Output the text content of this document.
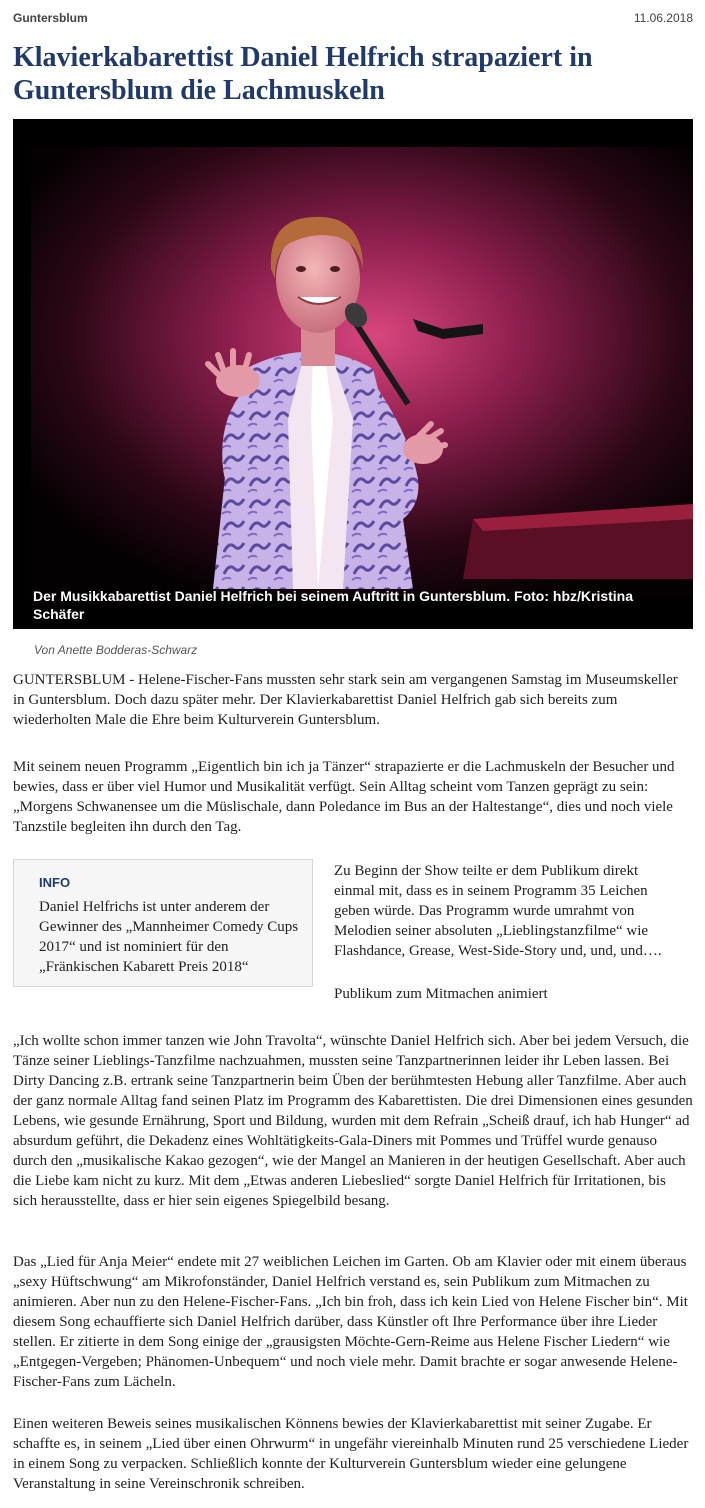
Guntersblum	11.06.2018
Klavierkabarettist Daniel Helfrich strapaziert in Guntersblum die Lachmuskeln

Der Musikkabarettist Daniel Helfrich bei seinem Auftritt in Guntersblum. Foto: hbz/Kristina Schäfer

Von Anette Bodderas-Schwarz

GUNTERSBLUM - Helene-Fischer-Fans mussten sehr stark sein am vergangenen Samstag im Museumskeller in Guntersblum. Doch dazu später mehr. Der Klavierkabarettist Daniel Helfrich gab sich bereits zum wiederholten Male die Ehre beim Kulturverein Guntersblum.

Mit seinem neuen Programm „Eigentlich bin ich ja Tänzer“ strapazierte er die Lachmuskeln der Besucher und bewies, dass er über viel Humor und Musikalität verfügt. Sein Alltag scheint vom Tanzen geprägt zu sein: „Morgens Schwanensee um die Müslischale, dann Poledance im Bus an der Haltestange“, dies und noch viele Tanzstile begleiten ihn durch den Tag.

INFO

Daniel Helfrichs ist unter anderem der Gewinner des „Mannheimer Comedy Cups 2017“ und ist nominiert für den „Fränkischen Kabarett Preis 2018“

Zu Beginn der Show teilte er dem Publikum direkt einmal mit, dass es in seinem Programm 35 Leichen geben würde. Das Programm wurde umrahmt von Melodien seiner absoluten „Lieblingstanzfilme“ wie Flashdance, Grease, West-Side-Story und, und, und….

Publikum zum Mitmachen animiert

„Ich wollte schon immer tanzen wie John Travolta“, wünschte Daniel Helfrich sich. Aber bei jedem Versuch, die Tänze seiner Lieblings-Tanzfilme nachzuahmen, mussten seine Tanzpartnerinnen leider ihr Leben lassen. Bei Dirty Dancing z.B. ertrank seine Tanzpartnerin beim Üben der berühmtesten Hebung aller Tanzfilme. Aber auch der ganz normale Alltag fand seinen Platz im Programm des Kabarettisten. Die drei Dimensionen eines gesunden Lebens, wie gesunde Ernährung, Sport und Bildung, wurden mit dem Refrain „Scheiß drauf, ich hab Hunger“ ad absurdum geführt, die Dekadenz eines Wohltätigkeits-Gala-Diners mit Pommes und Trüffel wurde genauso durch den „musikalische Kakao gezogen“, wie der Mangel an Manieren in der heutigen Gesellschaft. Aber auch die Liebe kam nicht zu kurz. Mit dem „Etwas anderen Liebeslied“ sorgte Daniel Helfrich für Irritationen, bis sich herausstellte, dass er hier sein eigenes Spiegelbild besang.

Das „Lied für Anja Meier“ endete mit 27 weiblichen Leichen im Garten. Ob am Klavier oder mit einem überaus „sexy Hüftschwung“ am Mikrofonständer, Daniel Helfrich verstand es, sein Publikum zum Mitmachen zu animieren. Aber nun zu den Helene-Fischer-Fans. „Ich bin froh, dass ich kein Lied von Helene Fischer bin“. Mit diesem Song echauffierte sich Daniel Helfrich darüber, dass Künstler oft Ihre Performance über ihre Lieder stellen. Er zitierte in dem Song einige der „grausigsten Möchte-Gern-Reime aus Helene Fischer Liedern“ wie „Entgegen-Vergeben; Phänomen-Unbequem“ und noch viele mehr. Damit brachte er sogar anwesende Helene-Fischer-Fans zum Lächeln.

Einen weiteren Beweis seines musikalischen Könnens bewies der Klavierkabarettist mit seiner Zugabe. Er schaffte es, in seinem „Lied über einen Ohrwurm“ in ungefähr viereinhalb Minuten rund 25 verschiedene Lieder in einem Song zu verpacken. Schließlich konnte der Kulturverein Guntersblum wieder eine gelungene Veranstaltung in seine Vereinschronik schreiben.
